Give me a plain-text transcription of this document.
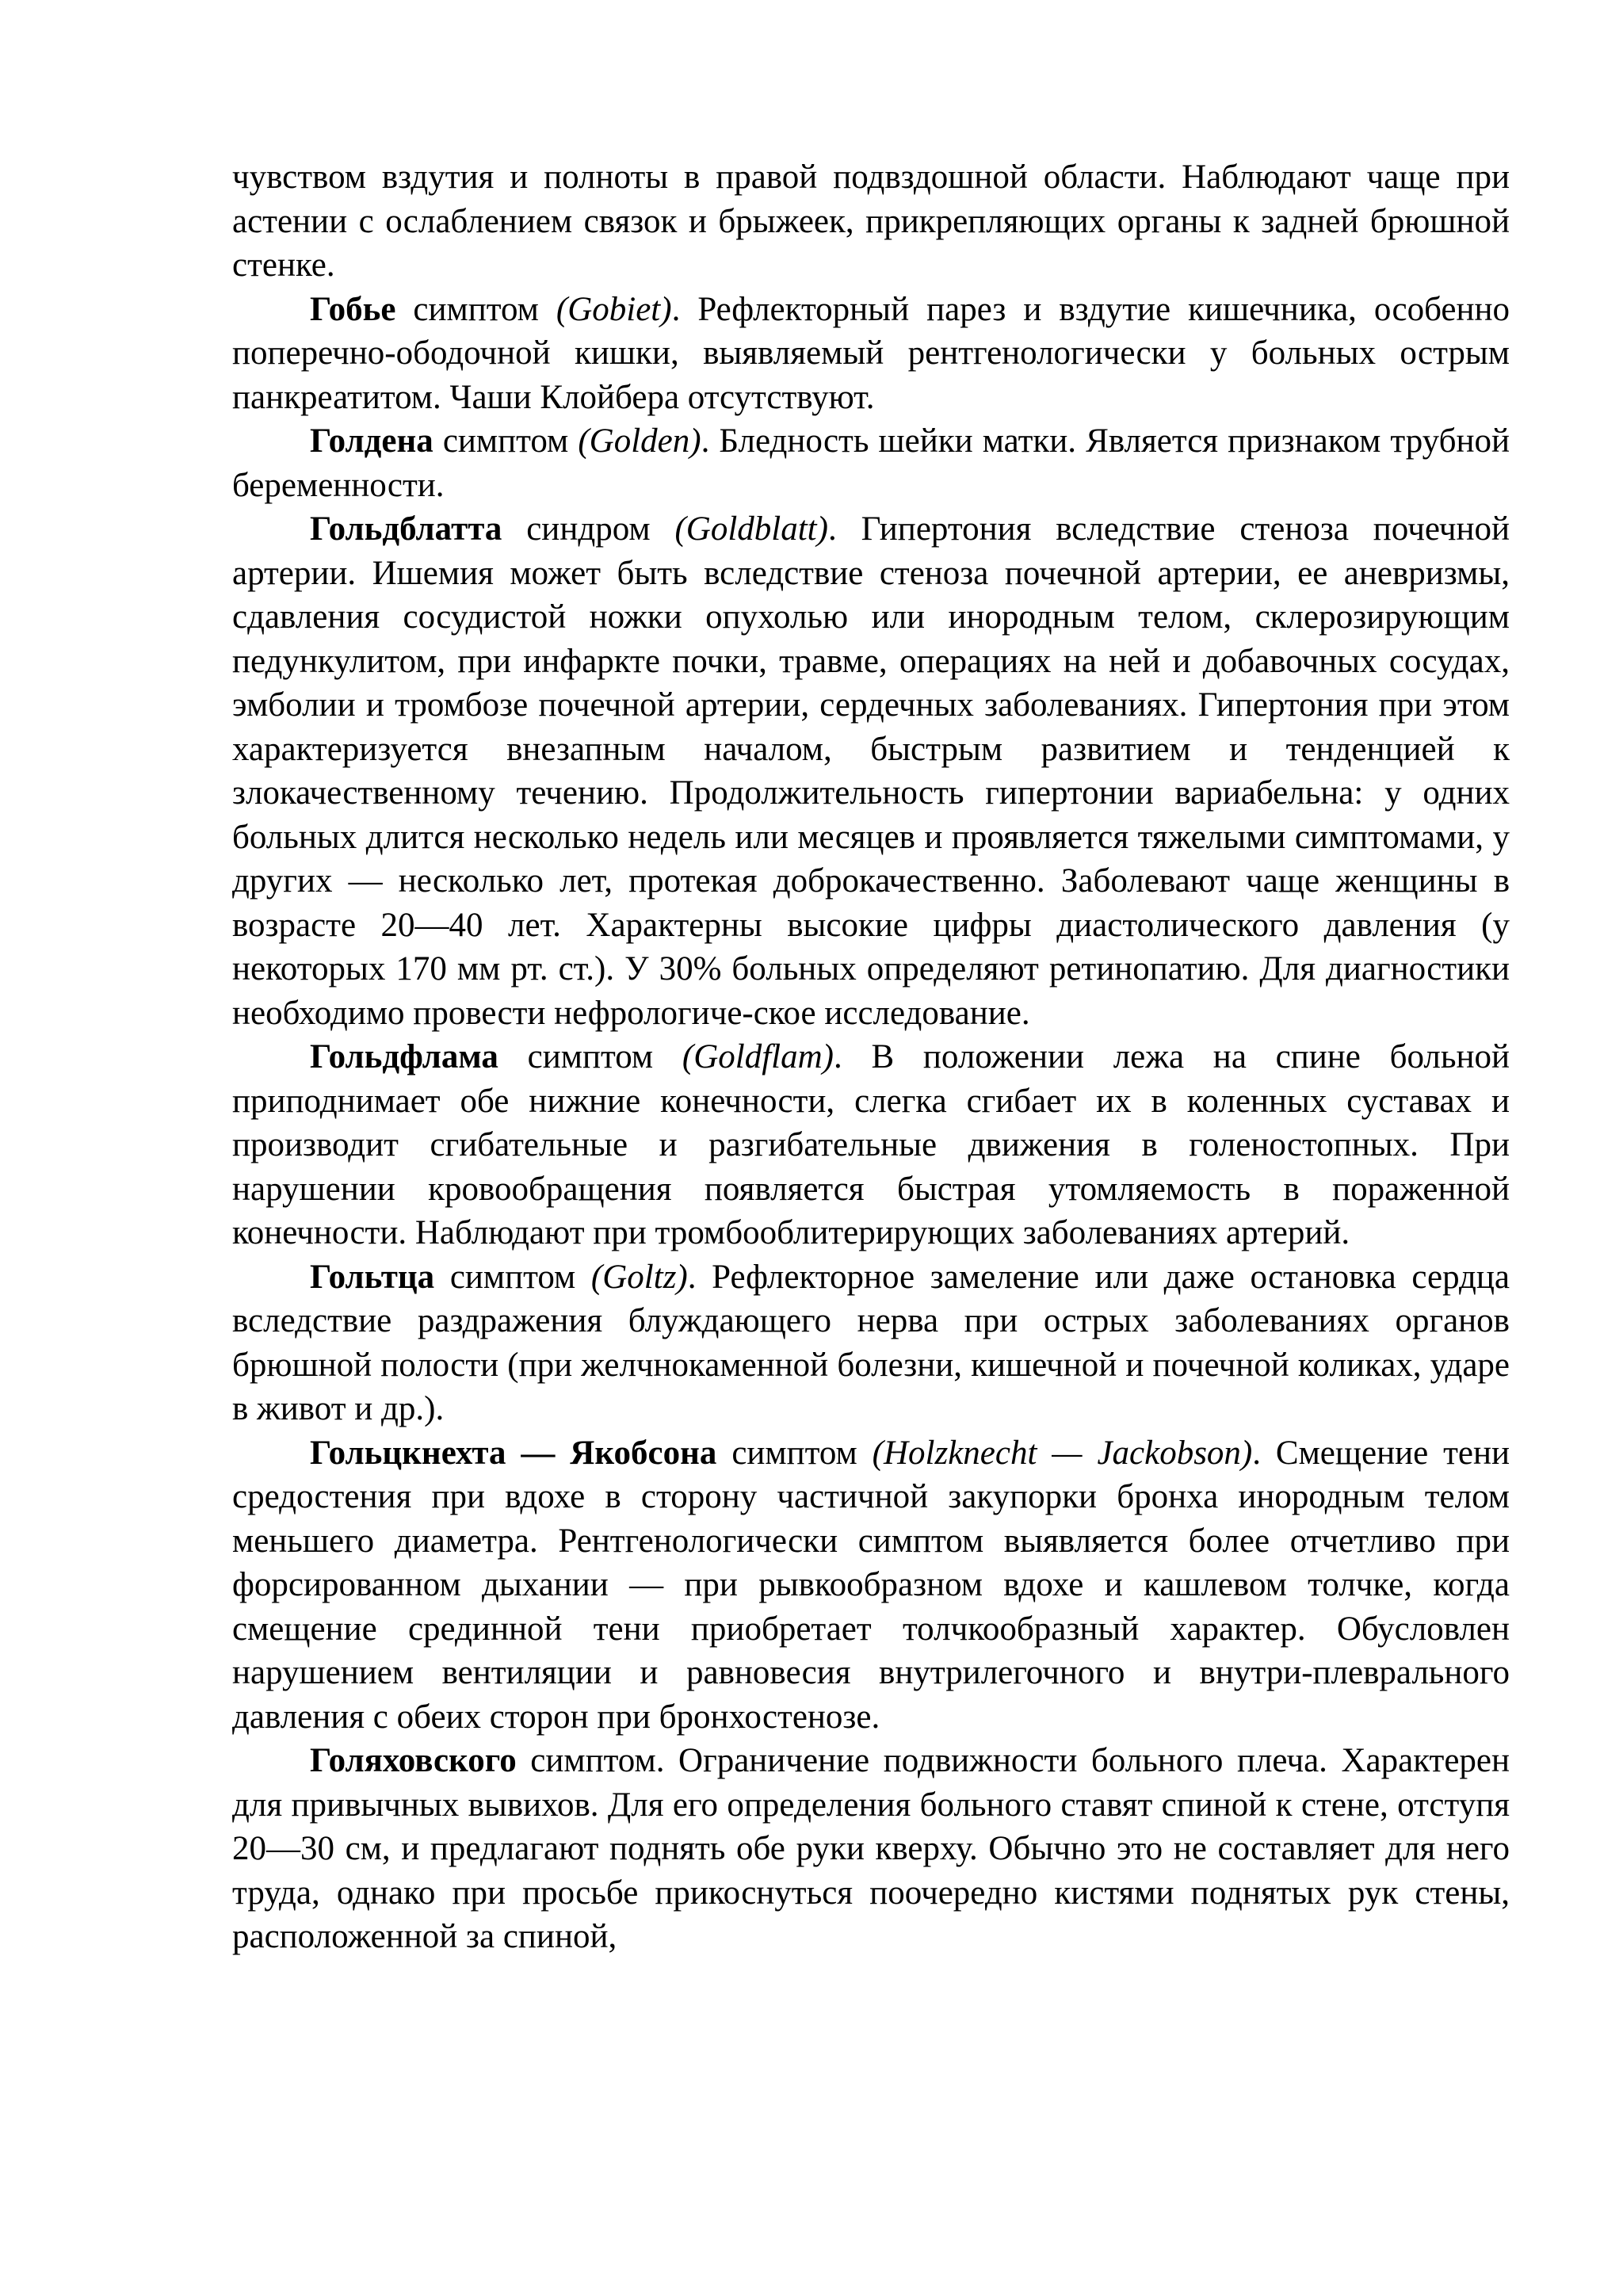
чувством вздутия и полноты в правой подвздошной области. Наблюдают чаще при астении с ослаблением связок и брыжеек, прикрепляющих органы к задней брюшной стенке.

Гобье симптом (Gobiet). Рефлекторный парез и вздутие кишечника, особенно поперечно-ободочной кишки, выявляемый рентгенологически у больных острым панкреатитом. Чаши Клойбера отсутствуют.

Голдена симптом (Golden). Бледность шейки матки. Является признаком трубной беременности.

Гольдблатта синдром (Goldblatt). Гипертония вследствие стеноза почечной артерии. Ишемия может быть вследствие стеноза почечной артерии, ее аневризмы, сдавления сосудистой ножки опухолью или инородным телом, склерозирующим педункулитом, при инфаркте почки, травме, операциях на ней и добавочных сосудах, эмболии и тромбозе почечной артерии, сердечных заболеваниях. Гипертония при этом характеризуется внезапным началом, быстрым развитием и тенденцией к злокачественному течению. Продолжительность гипертонии вариабельна: у одних больных длится несколько недель или месяцев и проявляется тяжелыми симптомами, у других — несколько лет, протекая доброкачественно. Заболевают чаще женщины в возрасте 20—40 лет. Характерны высокие цифры диастолического давления (у некоторых 170 мм рт. ст.). У 30% больных определяют ретинопатию. Для диагностики необходимо провести нефрологиче-ское исследование.

Гольдфлама симптом (Goldflam). В положении лежа на спине больной приподнимает обе нижние конечности, слегка сгибает их в коленных суставах и производит сгибательные и разгибательные движения в голеностопных. При нарушении кровообращения появляется быстрая утомляемость в пораженной конечности. Наблюдают при тромбооблитерирующих заболеваниях артерий.

Гольтца симптом (Goltz). Рефлекторное замеление или даже остановка сердца вследствие раздражения блуждающего нерва при острых заболеваниях органов брюшной полости (при желчнокаменной болезни, кишечной и почечной коликах, ударе в живот и др.).

Гольцкнехта — Якобсона симптом (Holzknecht — Jackobson). Смещение тени средостения при вдохе в сторону частичной закупорки бронха инородным телом меньшего диаметра. Рентгенологически симптом выявляется более отчетливо при форсированном дыхании — при рывкообразном вдохе и кашлевом толчке, когда смещение срединной тени приобретает толчкообразный характер. Обусловлен нарушением вентиляции и равновесия внутрилегочного и внутри-плеврального давления с обеих сторон при бронхостенозе.

Голяховского симптом. Ограничение подвижности больного плеча. Характерен для привычных вывихов. Для его определения больного ставят спиной к стене, отступя 20—30 см, и предлагают поднять обе руки кверху. Обычно это не составляет для него труда, однако при просьбе прикоснуться поочередно кистями поднятых рук стены, расположенной за спиной,
